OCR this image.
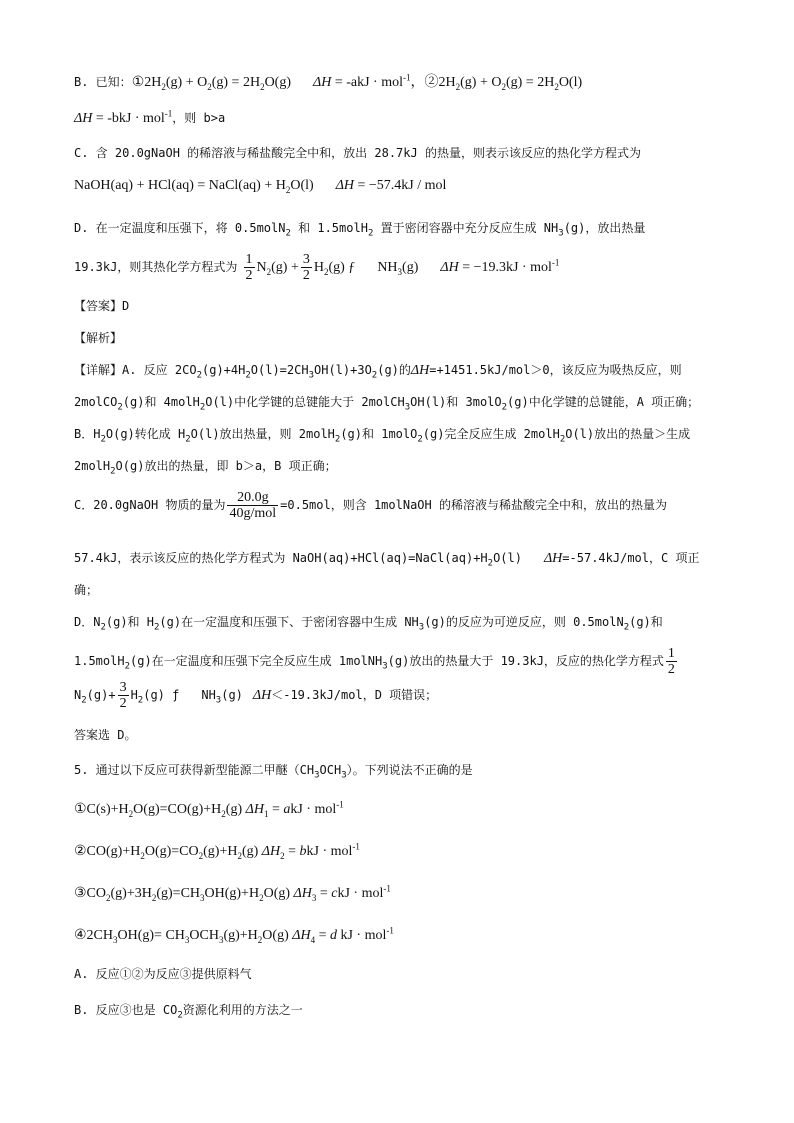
B. 已知：$①2H_2(g) + O_2(g) = 2H_2O(g) \Delta H = -akJ \cdot mol^{-1}$，$②2H_2(g) + O_2(g) = 2H_2O(l)$
ΔH = -bkJ · mol$^{-1}$，则 b>a
C. 含 20.0gNaOH 的稀溶液与稀盐酸完全中和，放出 28.7kJ 的热量，则表示该反应的热化学方程式为
NaOH(aq) + HCl(aq) = NaCl(aq) + $H_2O(l) \Delta H = -57.4kJ$ / mol
D. 在一定温度和压强下，将 0.5molN$_2$ 和 1.5molH$_2$ 置于密闭容器中充分反应生成 $NH_3(g)$，放出热量
19.3kJ，则其热化学方程式为 $\frac{1}{2} N_2(g) + \frac{3}{2} H_2(g)$ ƒ $NH_3(g) \Delta H = -19.3kJ \cdot mol^{-1}$
【答案】D
【解析】
【详解】A. 反应 $2CO_2(g)+4H_2O(l)=2CH_3OH(l)+3O_2(g)$的ΔH=+1451.5kJ/mol＞0，该反应为吸热反应，则
2molCO$_2$(g)和 4molH$_2$O(l)中化学键的总键能大于 2molCH$_3$OH(l)和 3molO$_2$(g)中化学键的总键能，A 项正确；
B．$H_2O(g)$转化成 $H_2O(l)$放出热量，则 2molH$_2$(g)和 1molO$_2$(g)完全反应生成 2molH$_2$O(l)放出的热量＞生成
2molH$_2$O(g)放出的热量，即 b＞a，B 项正确；
C．20.0gNaOH 物质的量为 $\frac{20.0g}{\text{40g/mol}} =0.5mol$，则含 1molNaOH 的稀溶液与稀盐酸完全中和，放出的热量为
57.4kJ，表示该反应的热化学方程式为 $NaOH(aq)+HCl(aq)=NaCl(aq)+H_2O(l)$ ΔH=-57.4kJ/mol，C 项正
确；
D．$N_2(g)$和 $H_2(g)$在一定温度和压强下、于密闭容器中生成 $NH_3(g)$的反应为可逆反应，则 0.5molN$_2$(g)和
1.5molH$_2$(g)在一定温度和压强下完全反应生成 1molNH$_3$(g)放出的热量大于 19.3kJ，反应的热化学方程式 $\frac{1}{2}$
$N_2(g)+ \frac{3}{2} H_2(g)$ ƒ $NH_3(g)$ ΔH＜-19.3kJ/mol，D 项错误；
答案选 D。
5. 通过以下反应可获得新型能源二甲醚$(CH_3OCH_3)$。下列说法不正确的是
$①C(s)+H_2O(g)=CO(g)+H_2(g) \Delta H_1$ = akJ · mol$^{-1}$
$②CO(g)+H_2O(g)=CO_2(g)+H_2(g) \Delta H_2$ = bkJ · mol$^{-1}$
$③CO_2(g)+3H_2(g)=CH_3OH(g)+H_2O(g) \Delta H_3$ = ckJ · mol$^{-1}$
$④2CH_3OH(g)= CH_3OCH_3(g)+H_2O(g) \Delta H_4 = d$ kJ · mol$^{-1}$
A. 反应①②为反应③提供原料气
B. 反应③也是 $CO_2$资源化利用的方法之一
